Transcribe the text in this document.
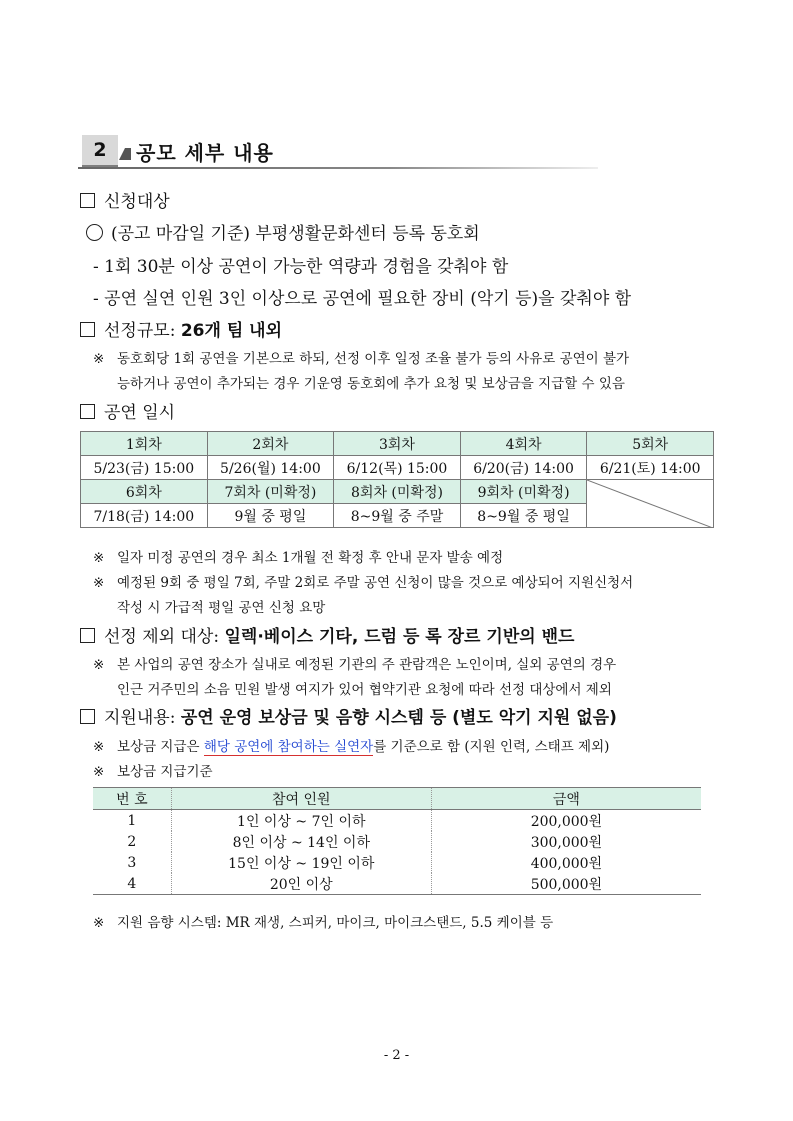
2	공모 세부 내용
신청대상
(공고 마감일 기준) 부평생활문화센터 등록 동호회
- 1회 30분 이상 공연이 가능한 역량과 경험을 갖춰야 함
- 공연 실연 인원 3인 이상으로 공연에 필요한 장비 (악기 등)을 갖춰야 함
선정규모: 26개 팀 내외
※ 동호회당 1회 공연을 기본으로 하되, 선정 이후 일정 조율 불가 등의 사유로 공연이 불가
능하거나 공연이 추가되는 경우 기운영 동호회에 추가 요청 및 보상금을 지급할 수 있음
공연 일시
1회차	2회차	3회차	4회차	5회차
5/23(금) 15:00	5/26(월) 14:00	6/12(목) 15:00	6/20(금) 14:00	6/21(토) 14:00
6회차	7회차 (미확정)	8회차 (미확정)	9회차 (미확정)	

7/18(금) 14:00	9월 중 평일	8~9월 중 주말	8~9월 중 평일	
※ 일자 미정 공연의 경우 최소 1개월 전 확정 후 안내 문자 발송 예정
※ 예정된 9회 중 평일 7회, 주말 2회로 주말 공연 신청이 많을 것으로 예상되어 지원신청서
작성 시 가급적 평일 공연 신청 요망
선정 제외 대상: 일렉·베이스 기타, 드럼 등 록 장르 기반의 밴드
※ 본 사업의 공연 장소가 실내로 예정된 기관의 주 관람객은 노인이며, 실외 공연의 경우
인근 거주민의 소음 민원 발생 여지가 있어 협약기관 요청에 따라 선정 대상에서 제외
지원내용: 공연 운영 보상금 및 음향 시스템 등 (별도 악기 지원 없음)
※ 보상금 지급은 해당 공연에 참여하는 실연자를 기준으로 함 (지원 인력, 스태프 제외)
※ 보상금 지급기준
번 호	참여 인원	금액
1	1인 이상 ~ 7인 이하	200,000원
2	8인 이상 ~ 14인 이하	300,000원
3	15인 이상 ~ 19인 이하	400,000원
4	20인 이상	500,000원
※ 지원 음향 시스템: MR 재생, 스피커, 마이크, 마이크스탠드, 5.5 케이블 등
- 2 -
